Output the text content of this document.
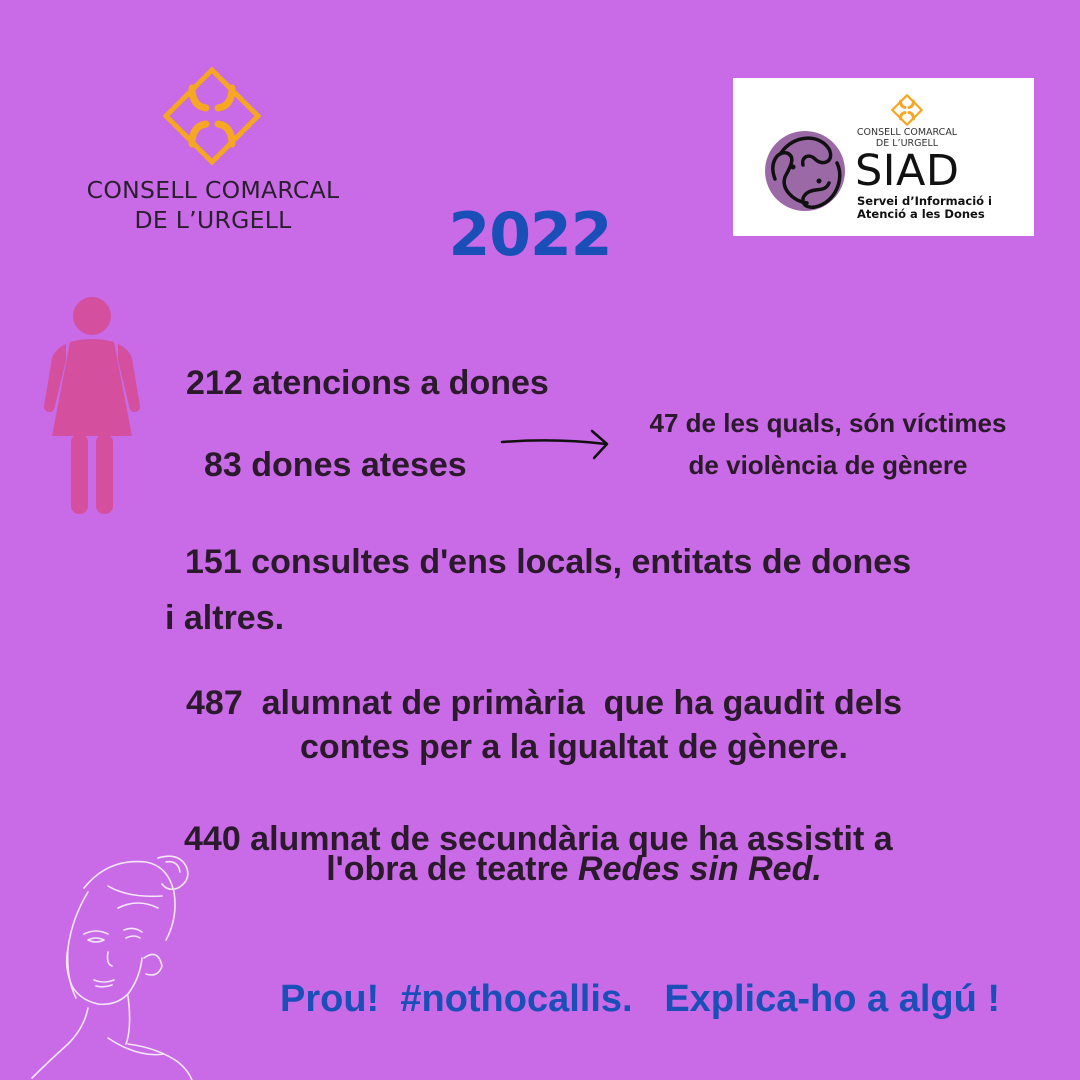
CONSELL COMARCAL
DE L’URGELL	2022
CONSELL COMARCAL
DE L’URGELL
SIAD
Servei d’Informació i
Atenció a les Dones
212 atencions a dones
83 dones ateses
47 de les quals, són víctimes de violència de gènere
151 consultes d'ens locals, entitats de dones
i altres.
487  alumnat de primària  que ha gaudit dels
contes per a la igualtat de gènere.
440 alumnat de secundària que ha assistit a
l'obra de teatre Redes sin Red.
Prou! #nothocallis. Explica-ho a algú !
